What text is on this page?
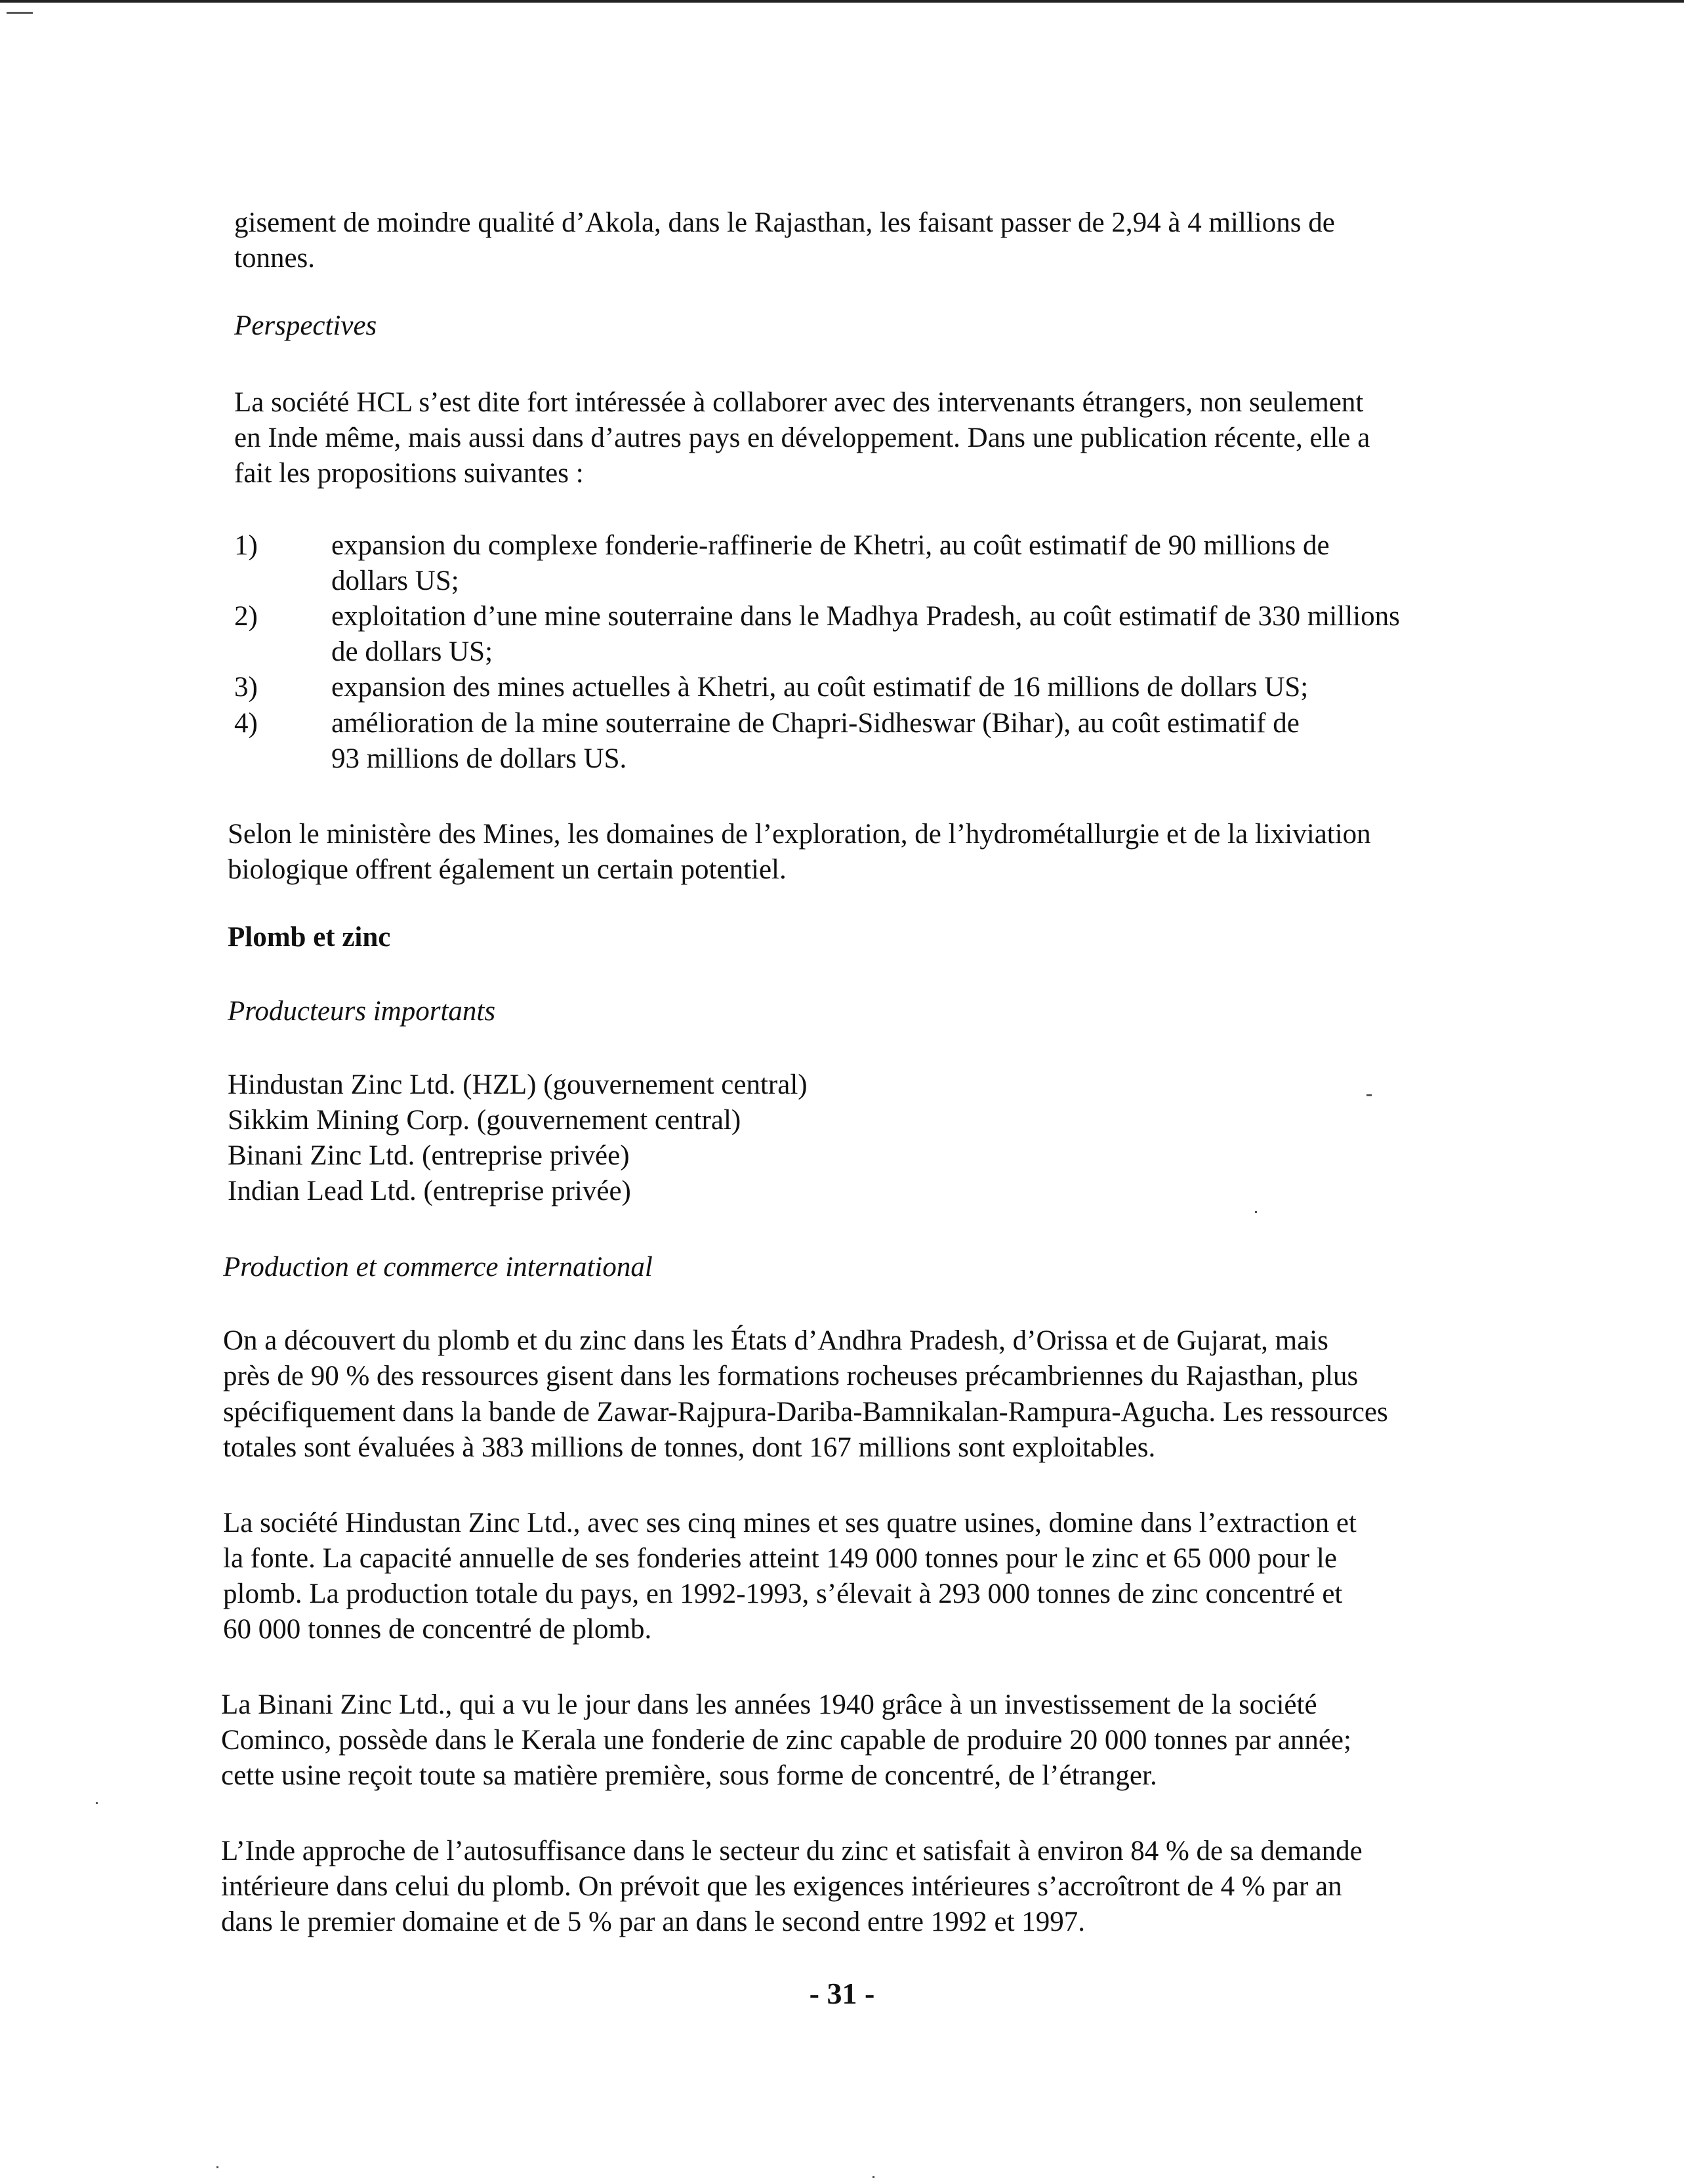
gisement de moindre qualité d’Akola, dans le Rajasthan, les faisant passer de 2,94 à 4 millions de

tonnes.

Perspectives

La société HCL s’est dite fort intéressée à collaborer avec des intervenants étrangers, non seulement

en Inde même, mais aussi dans d’autres pays en développement. Dans une publication récente, elle a

fait les propositions suivantes :

1)	expansion du complexe fonderie-raffinerie de Khetri, au coût estimatif de 90 millions de
dollars US;
2)	exploitation d’une mine souterraine dans le Madhya Pradesh, au coût estimatif de 330 millions
de dollars US;
3)	expansion des mines actuelles à Khetri, au coût estimatif de 16 millions de dollars US;
4)	amélioration de la mine souterraine de Chapri-Sidheswar (Bihar), au coût estimatif de
93 millions de dollars US.

Selon le ministère des Mines, les domaines de l’exploration, de l’hydrométallurgie et de la lixiviation

biologique offrent également un certain potentiel.

Plomb et zinc

Producteurs importants

Hindustan Zinc Ltd. (HZL) (gouvernement central)

Sikkim Mining Corp. (gouvernement central)

Binani Zinc Ltd. (entreprise privée)

Indian Lead Ltd. (entreprise privée)

Production et commerce international

On a découvert du plomb et du zinc dans les États d’Andhra Pradesh, d’Orissa et de Gujarat, mais

près de 90 % des ressources gisent dans les formations rocheuses précambriennes du Rajasthan, plus

spécifiquement dans la bande de Zawar-Rajpura-Dariba-Bamnikalan-Rampura-Agucha. Les ressources

totales sont évaluées à 383 millions de tonnes, dont 167 millions sont exploitables.

La société Hindustan Zinc Ltd., avec ses cinq mines et ses quatre usines, domine dans l’extraction et

la fonte. La capacité annuelle de ses fonderies atteint 149 000 tonnes pour le zinc et 65 000 pour le

plomb. La production totale du pays, en 1992-1993, s’élevait à 293 000 tonnes de zinc concentré et

60 000 tonnes de concentré de plomb.

La Binani Zinc Ltd., qui a vu le jour dans les années 1940 grâce à un investissement de la société

Cominco, possède dans le Kerala une fonderie de zinc capable de produire 20 000 tonnes par année;

cette usine reçoit toute sa matière première, sous forme de concentré, de l’étranger.

L’Inde approche de l’autosuffisance dans le secteur du zinc et satisfait à environ 84 % de sa demande

intérieure dans celui du plomb. On prévoit que les exigences intérieures s’accroîtront de 4 % par an

dans le premier domaine et de 5 % par an dans le second entre 1992 et 1997.

- 31 -
